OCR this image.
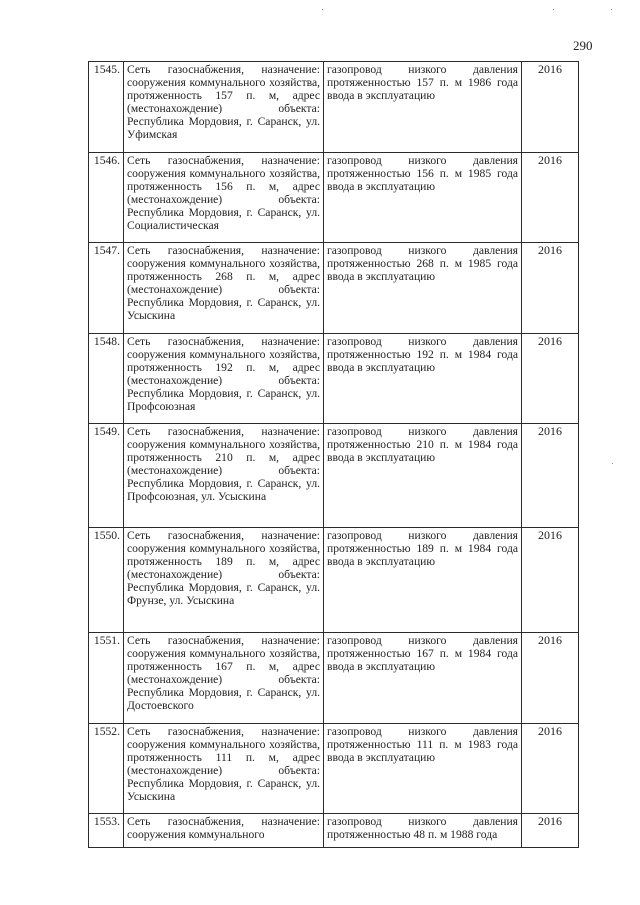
290
1545.	Сеть газоснабжения, назначение: сооружения коммунального хозяйства, протяженность 157 п. м, адрес (местонахождение) объекта: Республика Мордовия, г. Саранск, ул. Уфимская	газопровод низкого давления протяженностью 157 п. м 1986 года ввода в эксплуатацию	2016
1546.	Сеть газоснабжения, назначение: сооружения коммунального хозяйства, протяженность 156 п. м, адрес (местонахождение) объекта: Республика Мордовия, г. Саранск, ул. Социалистическая	газопровод низкого давления протяженностью 156 п. м 1985 года ввода в эксплуатацию	2016
1547.	Сеть газоснабжения, назначение: сооружения коммунального хозяйства, протяженность 268 п. м, адрес (местонахождение) объекта: Республика Мордовия, г. Саранск, ул. Усыскина	газопровод низкого давления протяженностью 268 п. м 1985 года ввода в эксплуатацию	2016
1548.	Сеть газоснабжения, назначение: сооружения коммунального хозяйства, протяженность 192 п. м, адрес (местонахождение) объекта: Республика Мордовия, г. Саранск, ул. Профсоюзная	газопровод низкого давления протяженностью 192 п. м 1984 года ввода в эксплуатацию	2016
1549.	Сеть газоснабжения, назначение: сооружения коммунального хозяйства, протяженность 210 п. м, адрес (местонахождение) объекта: Республика Мордовия, г. Саранск, ул. Профсоюзная, ул. Усыскина	газопровод низкого давления протяженностью 210 п. м 1984 года ввода в эксплуатацию	2016
1550.	Сеть газоснабжения, назначение: сооружения коммунального хозяйства, протяженность 189 п. м, адрес (местонахождение) объекта: Республика Мордовия, г. Саранск, ул. Фрунзе, ул. Усыскина	газопровод низкого давления протяженностью 189 п. м 1984 года ввода в эксплуатацию	2016
1551.	Сеть газоснабжения, назначение: сооружения коммунального хозяйства, протяженность 167 п. м, адрес (местонахождение) объекта: Республика Мордовия, г. Саранск, ул. Достоевского	газопровод низкого давления протяженностью 167 п. м 1984 года ввода в эксплуатацию	2016
1552.	Сеть газоснабжения, назначение: сооружения коммунального хозяйства, протяженность 111 п. м, адрес (местонахождение) объекта: Республика Мордовия, г. Саранск, ул. Усыскина	газопровод низкого давления протяженностью 111 п. м 1983 года ввода в эксплуатацию	2016
1553.	Сеть газоснабжения, назначение: сооружения коммунального	газопровод низкого давления протяженностью 48 п. м 1988 года	2016
